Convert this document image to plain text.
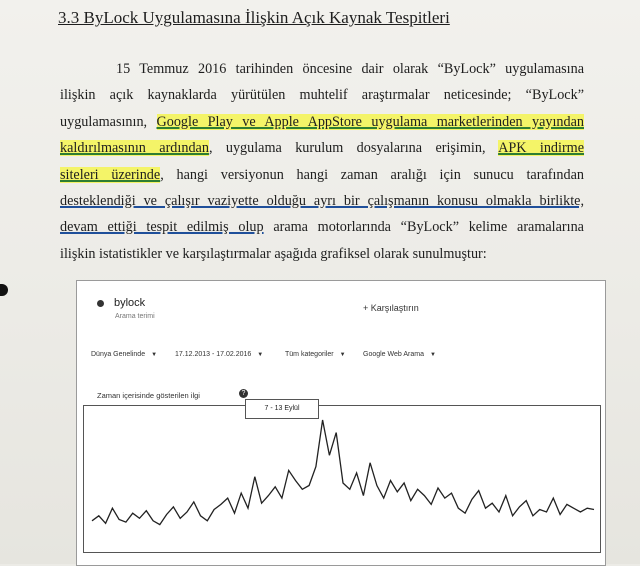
3.3 ByLock Uygulamasına İlişkin Açık Kaynak Tespitleri
15 Temmuz 2016 tarihinden öncesine dair olarak “ByLock” uygulamasına
ilişkin açık kaynaklarda yürütülen muhtelif araştırmalar neticesinde; “ByLock”
uygulamasının, Google Play ve Apple AppStore uygulama marketlerinden yayından
kaldırılmasının ardından, uygulama kurulum dosyalarına erişimin, APK indirme
siteleri üzerinde, hangi versiyonun hangi zaman aralığı için sunucu tarafından
desteklendiği ve çalışır vaziyette olduğu ayrı bir çalışmanın konusu olmakla birlikte,
devam ettiği tespit edilmiş olup arama motorlarında “ByLock” kelime aramalarına
ilişkin istatistikler ve karşılaştırmalar aşağıda grafiksel olarak sunulmuştur:
bylock
Arama terimi
+ Karşılaştırın
Dünya Genelinde ▼	17.12.2013 - 17.02.2016 ▼	Tüm kategoriler ▼ Google Web Arama ▼
Zaman içerisinde gösterilen ilgi	?
7 - 13 Eylül
